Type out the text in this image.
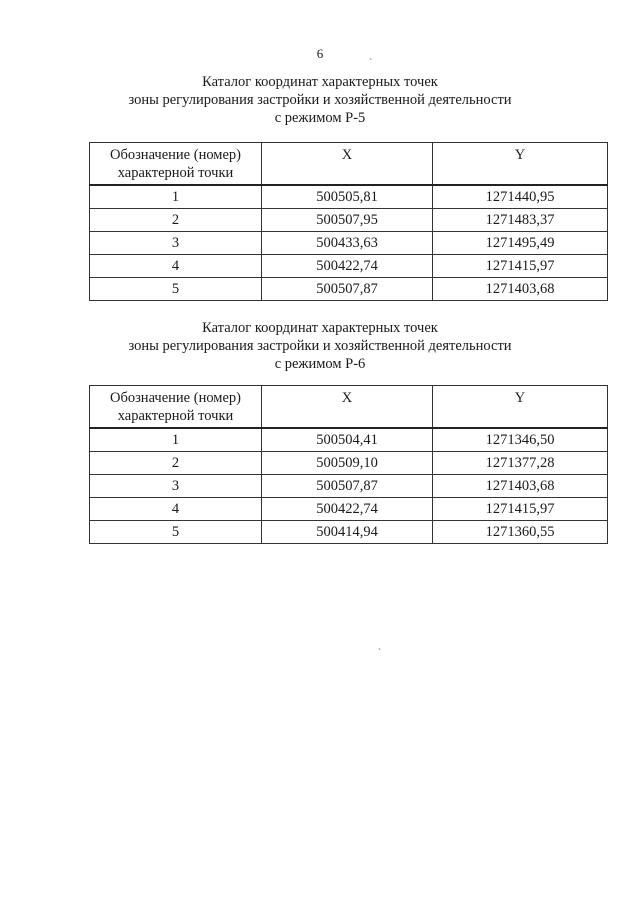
6
Каталог координат характерных точек
зоны регулирования застройки и хозяйственной деятельности
с режимом Р-5
Обозначение (номер) характерной точки	X	Y

1	500505,81	1271440,95
2	500507,95	1271483,37
3	500433,63	1271495,49
4	500422,74	1271415,97
5	500507,87	1271403,68
Каталог координат характерных точек
зоны регулирования застройки и хозяйственной деятельности
с режимом Р-6
Обозначение (номер) характерной точки	X	Y

1	500504,41	1271346,50
2	500509,10	1271377,28
3	500507,87	1271403,68
4	500422,74	1271415,97
5	500414,94	1271360,55
`
`
